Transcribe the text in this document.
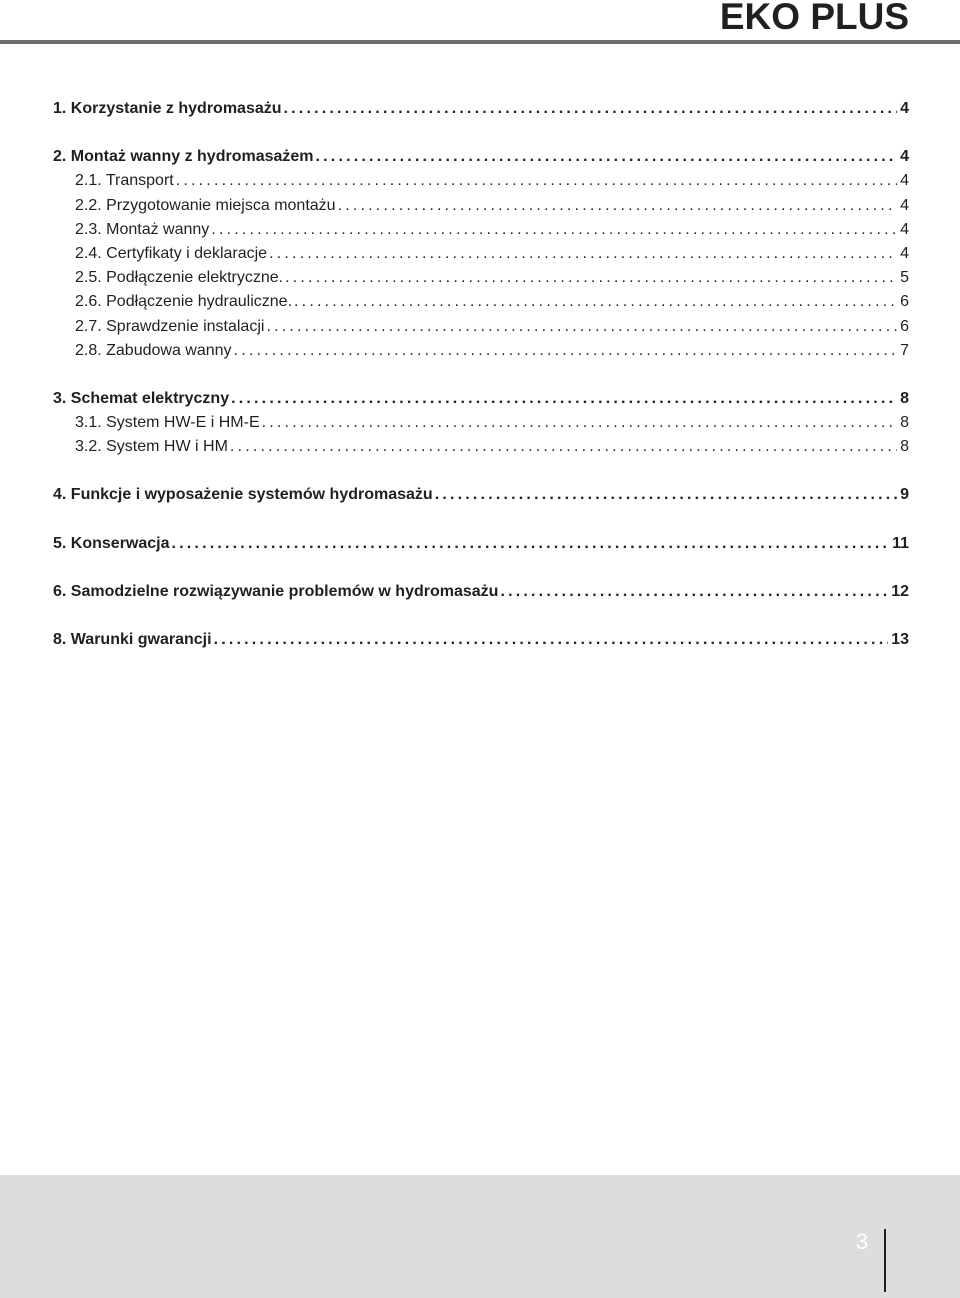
EKO PLUS
1. Korzystanie z hydromasażu .....	4
2. Montaż wanny z hydromasażem .....	4
2.1. Transport .....	4
2.2. Przygotowanie miejsca montażu .....	4
2.3. Montaż wanny .....	4
2.4. Certyfikaty i deklaracje .....	4
2.5. Podłączenie elektryczne. .....	5
2.6. Podłączenie hydrauliczne. .....	6
2.7. Sprawdzenie instalacji .....	6
2.8. Zabudowa wanny .....	7
3. Schemat elektryczny .....	8
3.1. System HW-E i HM-E .....	8
3.2. System HW i HM .....	8
4. Funkcje i wyposażenie systemów hydromasażu .....	9
5. Konserwacja .....	11
6. Samodzielne rozwiązywanie problemów w hydromasażu .....	12
8. Warunki gwarancji .....	13
3
